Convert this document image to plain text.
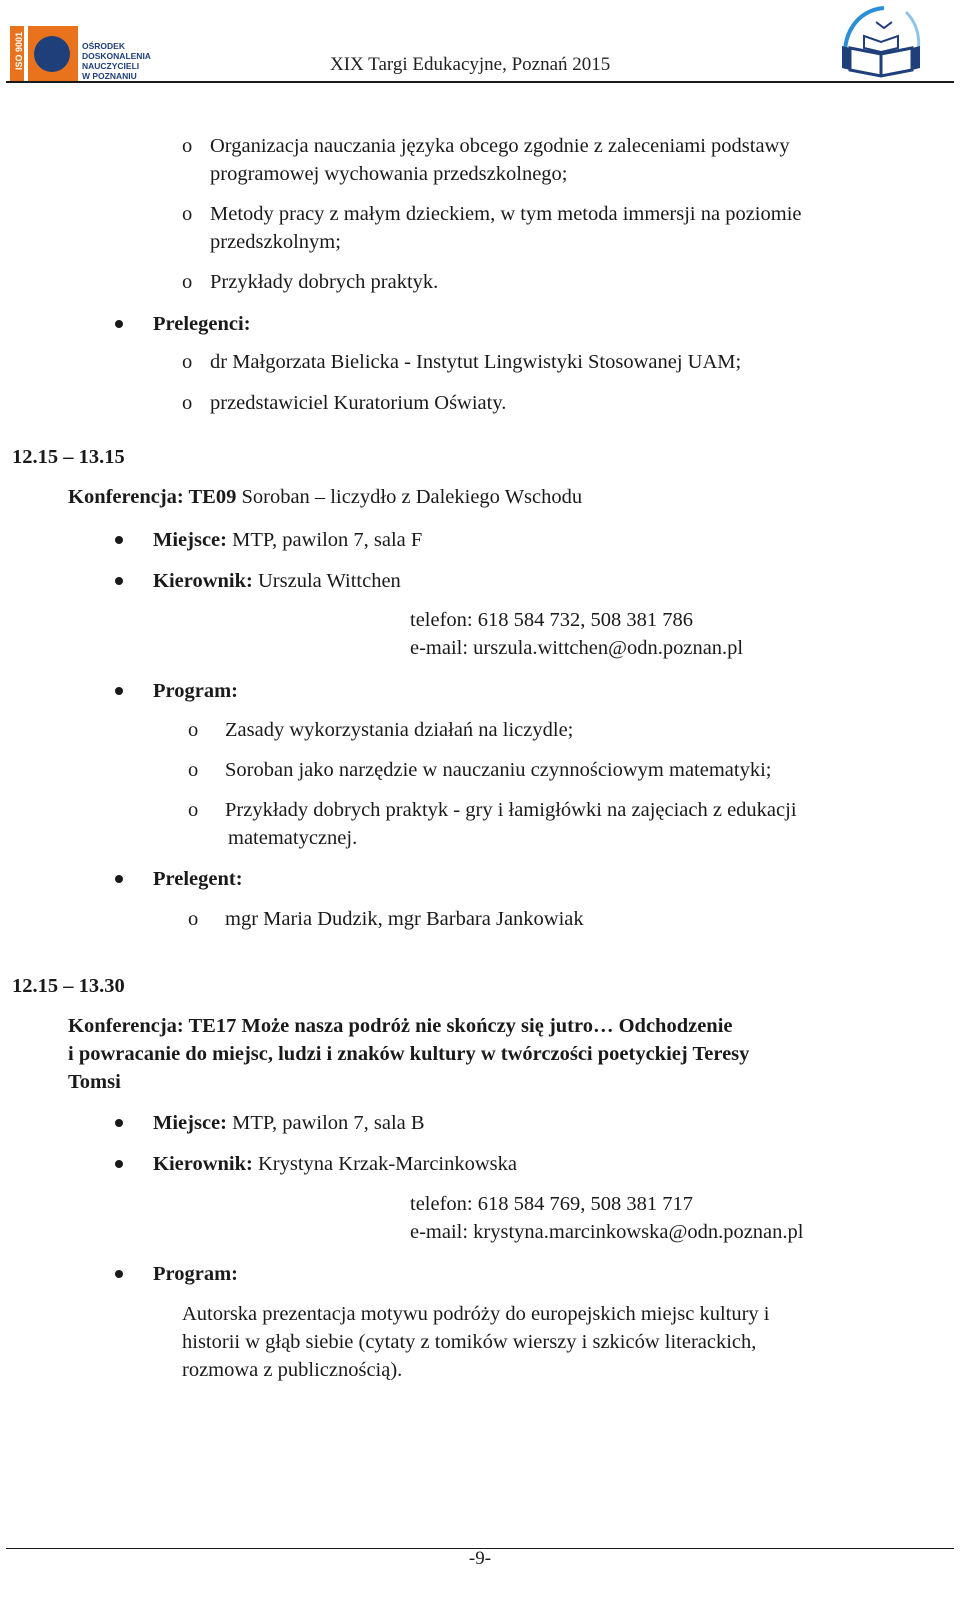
ISO 9001	OŚRODEK
DOSKONALENIA
NAUCZYCIELI
W POZNANIU
XIX Targi Edukacyjne, Poznań 2015
o Organizacja nauczania języka obcego zgodnie z zaleceniami podstawy
programowej wychowania przedszkolnego;
o Metody pracy z małym dzieckiem, w tym metoda immersji na poziomie
przedszkolnym;
o Przykłady dobrych praktyk.
Prelegenci:
o dr Małgorzata Bielicka - Instytut Lingwistyki Stosowanej UAM;
o przedstawiciel Kuratorium Oświaty.
12.15 – 13.15
Konferencja: TE09 Soroban – liczydło z Dalekiego Wschodu
Miejsce: MTP, pawilon 7, sala F
Kierownik: Urszula Wittchen
telefon: 618 584 732, 508 381 786
e-mail: urszula.wittchen@odn.poznan.pl
Program:
o Zasady wykorzystania działań na liczydle;
o Soroban jako narzędzie w nauczaniu czynnościowym matematyki;
o Przykłady dobrych praktyk - gry i łamigłówki na zajęciach z edukacji
matematycznej.
Prelegent:
o mgr Maria Dudzik, mgr Barbara Jankowiak
12.15 – 13.30
Konferencja: TE17 Może nasza podróż nie skończy się jutro… Odchodzenie
i powracanie do miejsc, ludzi i znaków kultury w twórczości poetyckiej Teresy
Tomsi
Miejsce: MTP, pawilon 7, sala B
Kierownik: Krystyna Krzak-Marcinkowska
telefon: 618 584 769, 508 381 717
e-mail: krystyna.marcinkowska@odn.poznan.pl
Program:
Autorska prezentacja motywu podróży do europejskich miejsc kultury i
historii w głąb siebie (cytaty z tomików wierszy i szkiców literackich,
rozmowa z publicznością).
-9-
